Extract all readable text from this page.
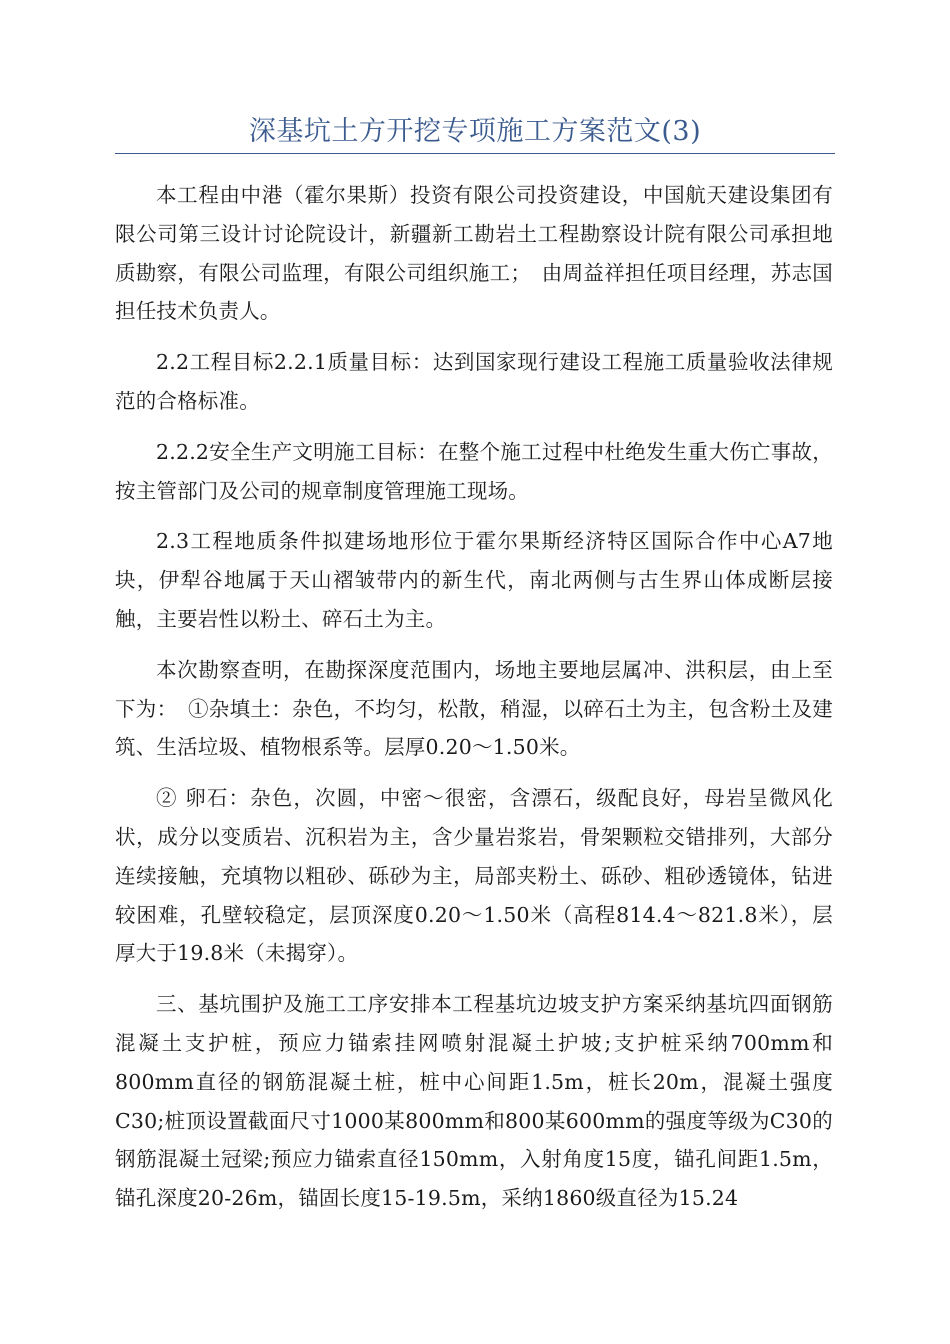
深基坑土方开挖专项施工方案范文(3)

本工程由中港（霍尔果斯）投资有限公司投资建设，中国航天建设集团有限公司第三设计讨论院设计，新疆新工勘岩土工程勘察设计院有限公司承担地质勘察，有限公司监理，有限公司组织施工；　由周益祥担任项目经理，苏志国担任技术负责人。

2.2工程目标2.2.1质量目标：达到国家现行建设工程施工质量验收法律规范的合格标准。

2.2.2安全生产文明施工目标：在整个施工过程中杜绝发生重大伤亡事故，按主管部门及公司的规章制度管理施工现场。

2.3工程地质条件拟建场地形位于霍尔果斯经济特区国际合作中心A7地块，伊犁谷地属于天山褶皱带内的新生代，南北两侧与古生界山体成断层接触，主要岩性以粉土、碎石土为主。

本次勘察查明，在勘探深度范围内，场地主要地层属冲、洪积层，由上至下为：　①杂填土：杂色，不均匀，松散，稍湿，以碎石土为主，包含粉土及建筑、生活垃圾、植物根系等。层厚0.20～1.50米。

② 卵石：杂色，次圆，中密～很密，含漂石，级配良好，母岩呈微风化状，成分以变质岩、沉积岩为主，含少量岩浆岩，骨架颗粒交错排列，大部分连续接触，充填物以粗砂、砾砂为主，局部夹粉土、砾砂、粗砂透镜体，钻进较困难，孔壁较稳定，层顶深度0.20～1.50米（高程814.4～821.8米），层厚大于19.8米（未揭穿）。

三、基坑围护及施工工序安排本工程基坑边坡支护方案采纳基坑四面钢筋混凝土支护桩，预应力锚索挂网喷射混凝土护坡;支护桩采纳700mm和800mm直径的钢筋混凝土桩，桩中心间距1.5m，桩长20m，混凝土强度C30;桩顶设置截面尺寸1000某800mm和800某600mm的强度等级为C30的钢筋混凝土冠梁;预应力锚索直径150mm，入射角度15度，锚孔间距1.5m，锚孔深度20-26m，锚固长度15-19.5m，采纳1860级直径为15.24
